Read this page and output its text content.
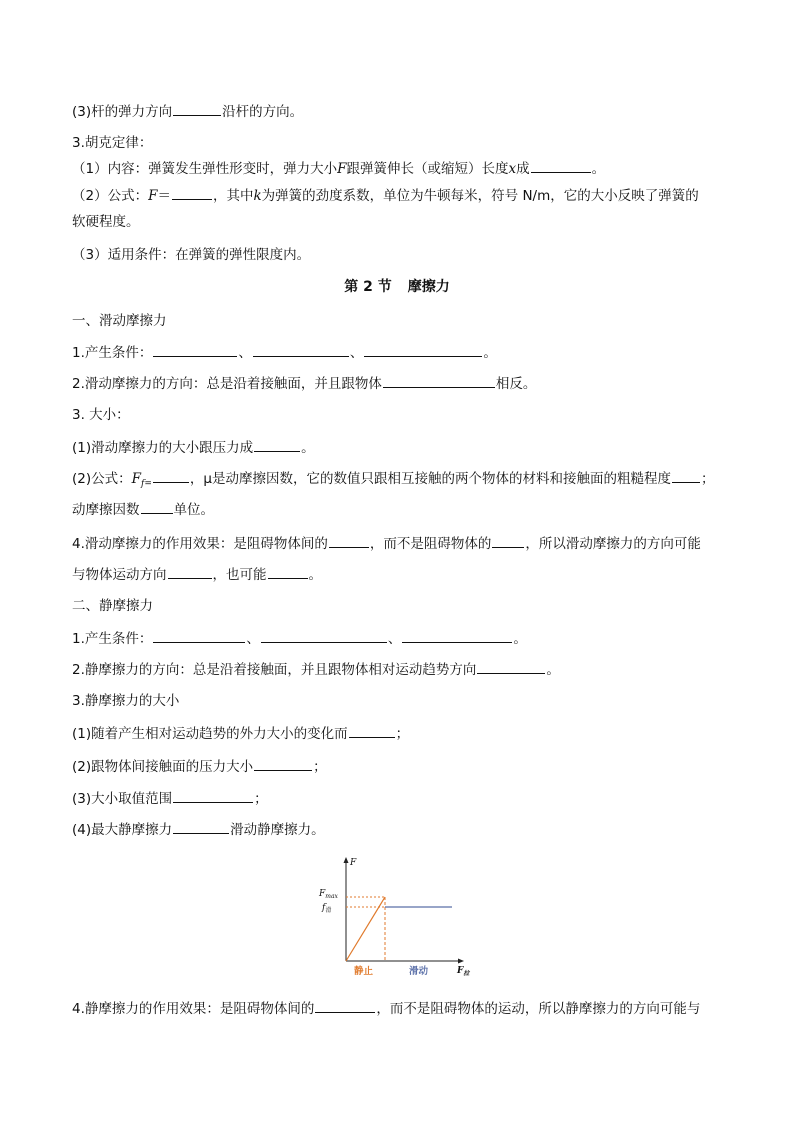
(3)杆的弹力方向	沿杆的方向。
3.胡克定律：
（1）内容：弹簧发生弹性形变时，弹力大小F跟弹簧伸长（或缩短）长度x成	。
（2）公式：F＝	，其中k为弹簧的劲度系数，单位为牛顿每米，符号 N/m，它的大小反映了弹簧的
软硬程度。
（3）适用条件：在弹簧的弹性限度内。
第 2 节 摩擦力
一、滑动摩擦力
1.产生条件：	、	、	。
2.滑动摩擦力的方向：总是沿着接触面，并且跟物体	相反。
3. 大小：
(1)滑动摩擦力的大小跟压力成	。
(2)公式：$F_{f=}$	，μ是动摩擦因数，它的数值只跟相互接触的两个物体的材料和接触面的粗糙程度 ；
动摩擦因数	单位。
4.滑动摩擦力的作用效果：是阻碍物体间的	，而不是阻碍物体的	，所以滑动摩擦力的方向可能
与物体运动方向	，也可能	。
二、静摩擦力
1.产生条件：	、	、	。
2.静摩擦力的方向：总是沿着接触面，并且跟物体相对运动趋势方向	。
3.静摩擦力的大小
(1)随着产生相对运动趋势的外力大小的变化而	；
(2)跟物体间接触面的压力大小	；
(3)大小取值范围	；
(4)最大静摩擦力	滑动静摩擦力。
F
$F_{max}$
$f_滑$
静止	滑动	$F_拉$
4.静摩擦力的作用效果：是阻碍物体间的	，而不是阻碍物体的运动，所以静摩擦力的方向可能与
